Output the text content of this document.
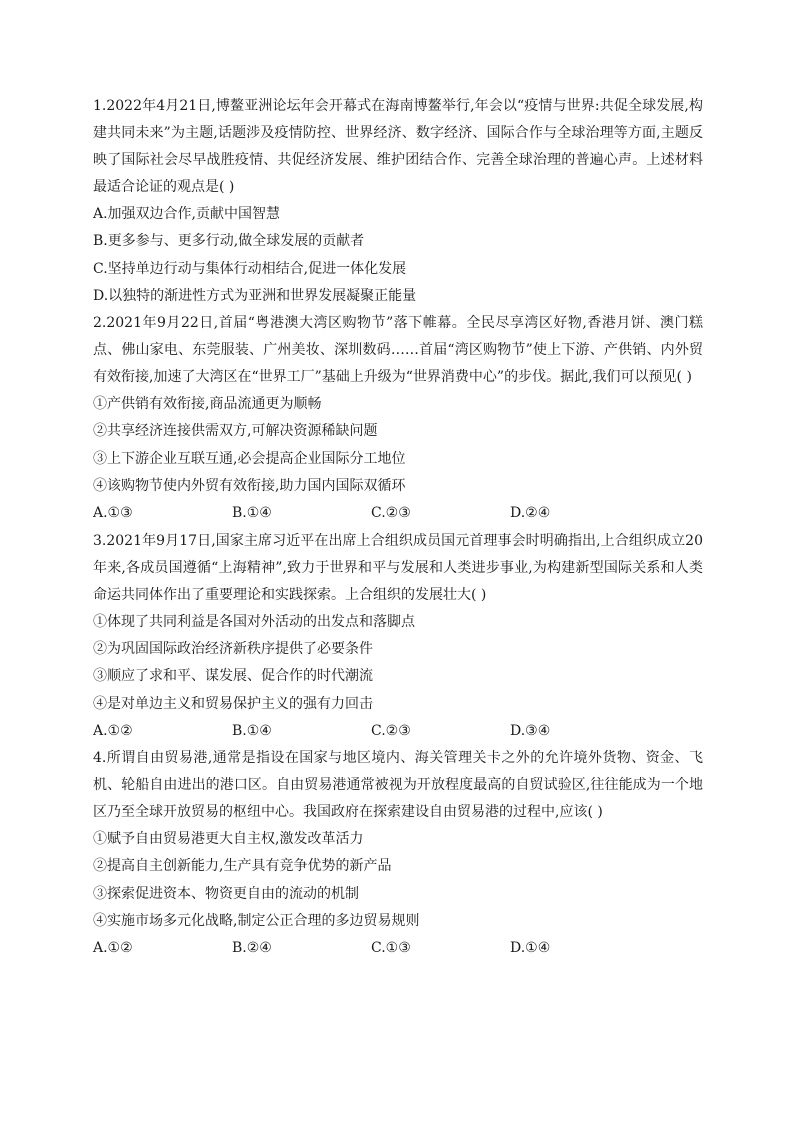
1.2022年4月21日,博鳌亚洲论坛年会开幕式在海南博鳌举行,年会以“疫情与世界:共促全球发展,构建共同未来”为主题,话题涉及疫情防控、世界经济、数字经济、国际合作与全球治理等方面,主题反映了国际社会尽早战胜疫情、共促经济发展、维护团结合作、完善全球治理的普遍心声。上述材料最适合论证的观点是( )

A.加强双边合作,贡献中国智慧

B.更多参与、更多行动,做全球发展的贡献者

C.坚持单边行动与集体行动相结合,促进一体化发展

D.以独特的渐进性方式为亚洲和世界发展凝聚正能量

2.2021年9月22日,首届“粤港澳大湾区购物节”落下帷幕。全民尽享湾区好物,香港月饼、澳门糕点、佛山家电、东莞服装、广州美妆、深圳数码……首届“湾区购物节”使上下游、产供销、内外贸有效衔接,加速了大湾区在“世界工厂”基础上升级为“世界消费中心”的步伐。据此,我们可以预见( )

①产供销有效衔接,商品流通更为顺畅

②共享经济连接供需双方,可解决资源稀缺问题

③上下游企业互联互通,必会提高企业国际分工地位

④该购物节使内外贸有效衔接,助力国内国际双循环

A.①③	B.①④	C.②③	D.②④

3.2021年9月17日,国家主席习近平在出席上合组织成员国元首理事会时明确指出,上合组织成立20年来,各成员国遵循“上海精神”,致力于世界和平与发展和人类进步事业,为构建新型国际关系和人类命运共同体作出了重要理论和实践探索。上合组织的发展壮大( )

①体现了共同利益是各国对外活动的出发点和落脚点

②为巩固国际政治经济新秩序提供了必要条件

③顺应了求和平、谋发展、促合作的时代潮流

④是对单边主义和贸易保护主义的强有力回击

A.①②	B.①④	C.②③	D.③④

4.所谓自由贸易港,通常是指设在国家与地区境内、海关管理关卡之外的允许境外货物、资金、飞机、轮船自由进出的港口区。自由贸易港通常被视为开放程度最高的自贸试验区,往往能成为一个地区乃至全球开放贸易的枢纽中心。我国政府在探索建设自由贸易港的过程中,应该( )

①赋予自由贸易港更大自主权,激发改革活力

②提高自主创新能力,生产具有竞争优势的新产品

③探索促进资本、物资更自由的流动的机制

④实施市场多元化战略,制定公正合理的多边贸易规则

A.①②	B.②④	C.①③	D.①④
